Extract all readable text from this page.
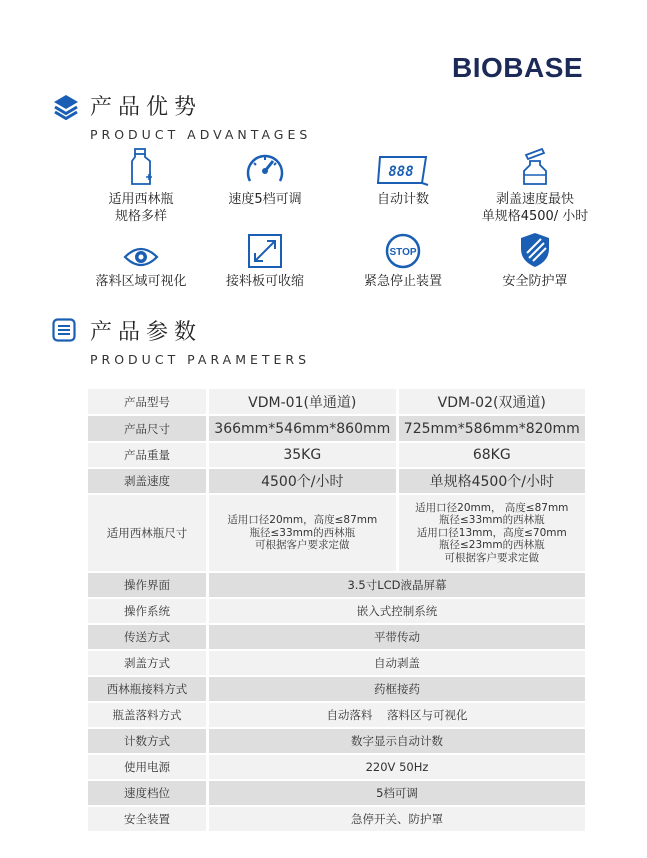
BIOBASE
产品优势
PRODUCT ADVANTAGES
适用西林瓶
规格多样
速度5档可调
888
自动计数	剥盖速度最快
单规格4500/ 小时
落料区域可视化	接料板可收缩
STOP
紧急停止装置	安全防护罩
产品参数
PRODUCT PARAMETERS
产品型号	VDM-01(单通道)	VDM-02(双通道)
产品尺寸	366mm*546mm*860mm	725mm*586mm*820mm
产品重量	35KG	68KG
剥盖速度	4500个/小时	单规格4500个/小时
适用西林瓶尺寸	适用口径20mm，高度≤87mm
瓶径≤33mm的西林瓶
可根据客户要求定做	适用口径20mm， 高度≤87mm
瓶径≤33mm的西林瓶
适用口径13mm，高度≤70mm
瓶径≤23mm的西林瓶
可根据客户要求定做
操作界面	3.5寸LCD液晶屏幕	
操作系统	嵌入式控制系统	
传送方式	平带传动	
剥盖方式	自动剥盖	
西林瓶接料方式	药框接药	
瓶盖落料方式	自动落料    落料区与可视化	
计数方式	数字显示自动计数	
使用电源	220V 50Hz	
速度档位	5档可调	
安全装置	急停开关、防护罩	
